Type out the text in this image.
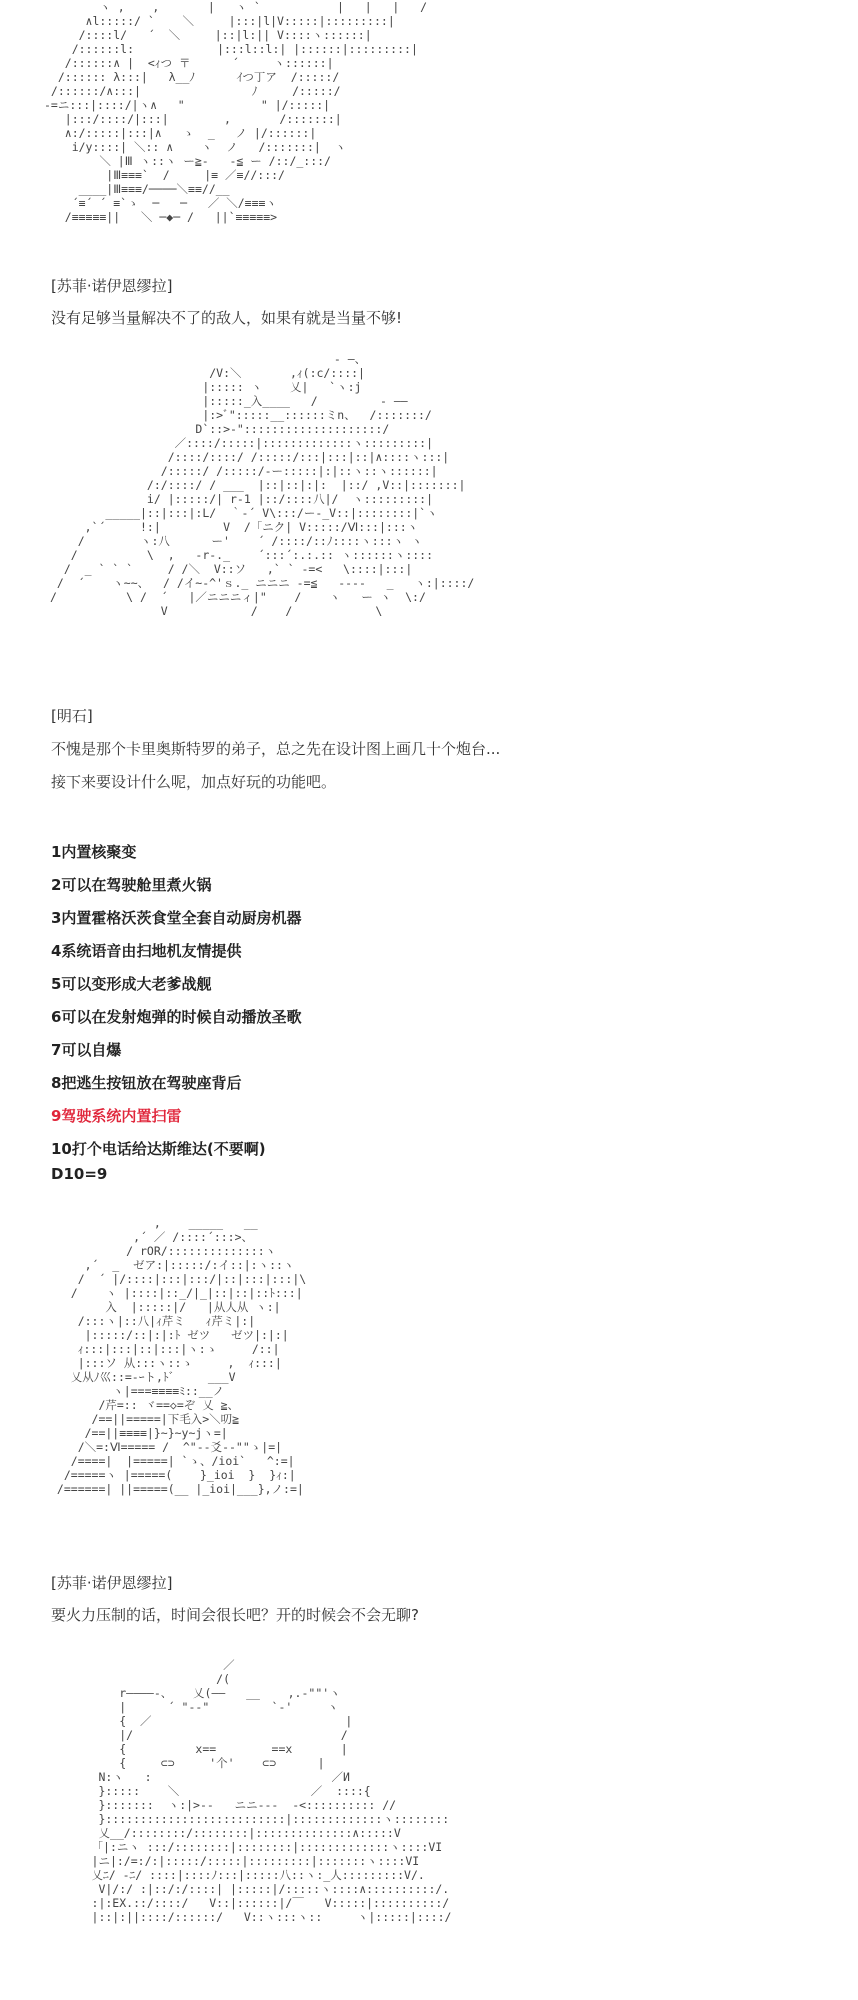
ヽ ,    ,       |   ヽ `           |   |   |   /
∧l:::::/ `    ＼     |:::|l|V:::::|:::::::::|
/::::l/   ´  ＼     |::|l:|| V::::ヽ::::::|
/::::::l:            |:::l::l:| |::::::|:::::::::|
/::::::∧ |  <ｨつ 〒      ´     ヽ::::::|
/:::::: λ:::|   λ__ﾉ      ｲつ丁ア  /:::::/
/::::::/∧:::|                ﾉ     /:::::/
-=ニ:::|::::/|ヽ∧   "           " |/:::::|
|:::/::::/|:::|        ,       /:::::::|
∧:/:::::|:::|∧   ゝ  _   ノ |/::::::|
i/y::::| ＼:: ∧    ヽ  ノ   /:::::::|  ヽ
＼ |Ⅲ ヽ::ヽ ー≧-   -≦ ー /::/_:::/
|Ⅲ≡≡≡`  /     |≡ ／≡//:::/
____|Ⅲ≡≡≡/────＼≡≡//__
´≡´ ´ ≡`ゝ  ─   ─   ／ ＼/≡≡≡ヽ
/≡≡≡≡≡||   ＼ ─◆─ /   ||`≡≡≡≡≡>

[苏菲·诺伊恩缪拉]

没有足够当量解决不了的敌人，如果有就是当量不够!

- ―、
/V:＼       ,ｨ(:c/::::|
|::::: ヽ    乂|   `ヽ:j
|:::::_入____   /         - ――
|:>ﾞ":::::__::::::ミn、  /:::::::/
D`::>-"::::::::::::::::::::/
／::::/:::::|:::::::::::::ヽ:::::::::|
/::::/::::/ /:::::/:::|:::|::|∧::::ヽ:::|
/:::::/ /:::::/-ー:::::|:|::ヽ::ヽ::::::|
/:/::::/ / ___  |::|::|:|:  |::/ ,V::|:::::::|
i/ |:::::/| r-1 |::/::::八|/  ヽ:::::::::|
_____|::|:::|:L/  ｀-´ V\:::/ー-_V::|::::::::|`ヽ
,`´     !:|         V  /「ニク| V:::::/Ⅵ:::|:::ヽ
/        ヽ:八      ー'    ´ /::::/::ﾉ::::ヽ:::ヽ ヽ
/          \  ,   -r-._    ´:::´:.:.:: ヽ::::::ヽ::::
/  _ ` ` `     / /＼  V::ソ   ,` ` -=<   \::::|:::|
/  ´    ヽ~~、  / /イ~-^'ｓ._ ニニニ -=≦   ----   _   ヽ:|::::/
/          \ /  ´   |／ニニニィ|"    /    ヽ   ー ヽ  \:/
V            /    /            \

[明石]

不愧是那个卡里奥斯特罗的弟子，总之先在设计图上画几十个炮台...

接下来要设计什么呢，加点好玩的功能吧。

1内置核聚变
2可以在驾驶舱里煮火锅
3内置霍格沃茨食堂全套自动厨房机器
4系统语音由扫地机友情提供
5可以变形成大老爹战舰
6可以在发射炮弹的时候自动播放圣歌
7可以自爆
8把逃生按钮放在驾驶座背后
9驾驶系统内置扫雷
10打个电话给达斯维达(不要啊)

D10=9

,    _____   __
,´ ／ /::::´:::>、
/ rOR/::::::::::::::ヽ
,´  _  ゼア:|:::::/:イ::|:ヽ::ヽ
/  ´ |/::::|:::|:::/|::|:::|:::|\
/    ヽ |::::|::_/|_|::|::|::ﾄ:::|
入  |:::::|/   |从人从 ヽ:|
/:::ヽ|::八|ｨ芹ミ   ｨ芹ミ|:|
|:::::/::|:|:ﾄ ゼツ   ゼツ|:|:|
ｨ:::|:::|::|:::|ヽ:ゝ     /::|
|:::ソ 从:::ヽ::ゝ     ,  ｨ:::|
乂从ﾉ巛::=-ｰト,ﾄ゛    ___V
ヽ|===≡≡≡≡ﾐ::__ノ
/芹=:: ヾ==◇=ぞ 乂 ≧、
/==||=====|下毛入>＼叨≧
/==||≡≡≡≡|}~}~y~jヽ=|
/＼=:Ⅵ===== /  ^"--爻--""ゝ|=|
/====|  |=====| `ゝ、/ioi`   ^:=|
/=====ヽ |=====(    }_ioi  }  }ｨ:|
/======| ||=====(__ |_ioi|___},ノ:=|

[苏菲·诺伊恩缪拉]

要火力压制的话，时间会很长吧？开的时候会不会无聊?

／
/(
r――――‐、   乂(――   __    ,.-""'ヽ
|      ´ "‐‐"         `‐'     ヽ
{  ／                            |
|/                              /
{          x==        ==x       |
{     ⊂⊃     '个'    ⊂⊃      |
N:ヽ   :                          ／И
}:::::    ＼                   ／  ::::{
}:::::::  ヽ:|>‐‐   ニニ‐‐‐  ‐<:::::::::: //
}::::::::::::::::::::::::::|:::::::::::::ヽ::::::::
乂__/::::::::/::::::::|::::::::::::::∧:::::V
「|:ニヽ :::/::::::::|::::::::|:::::::::::::ヽ::::VI
|ニ|:/=:/:|:::::/:::::|:::::::::|:::::::ヽ::::VI
乂ﾆ/ -ﾆ/ ::::|::::ﾉ:::|:::::八::ヽ:_人:::::::::V/.
V|/:/ :|::/:/::::| |:::::|/:::::ヽ::::∧::::::::::/.
:|:EX.::/::::/   V::|::::::|/￣   V:::::|::::::::::/
|::|:||::::/::::::/   V::ヽ:::ヽ::     ヽ|:::::|::::/
